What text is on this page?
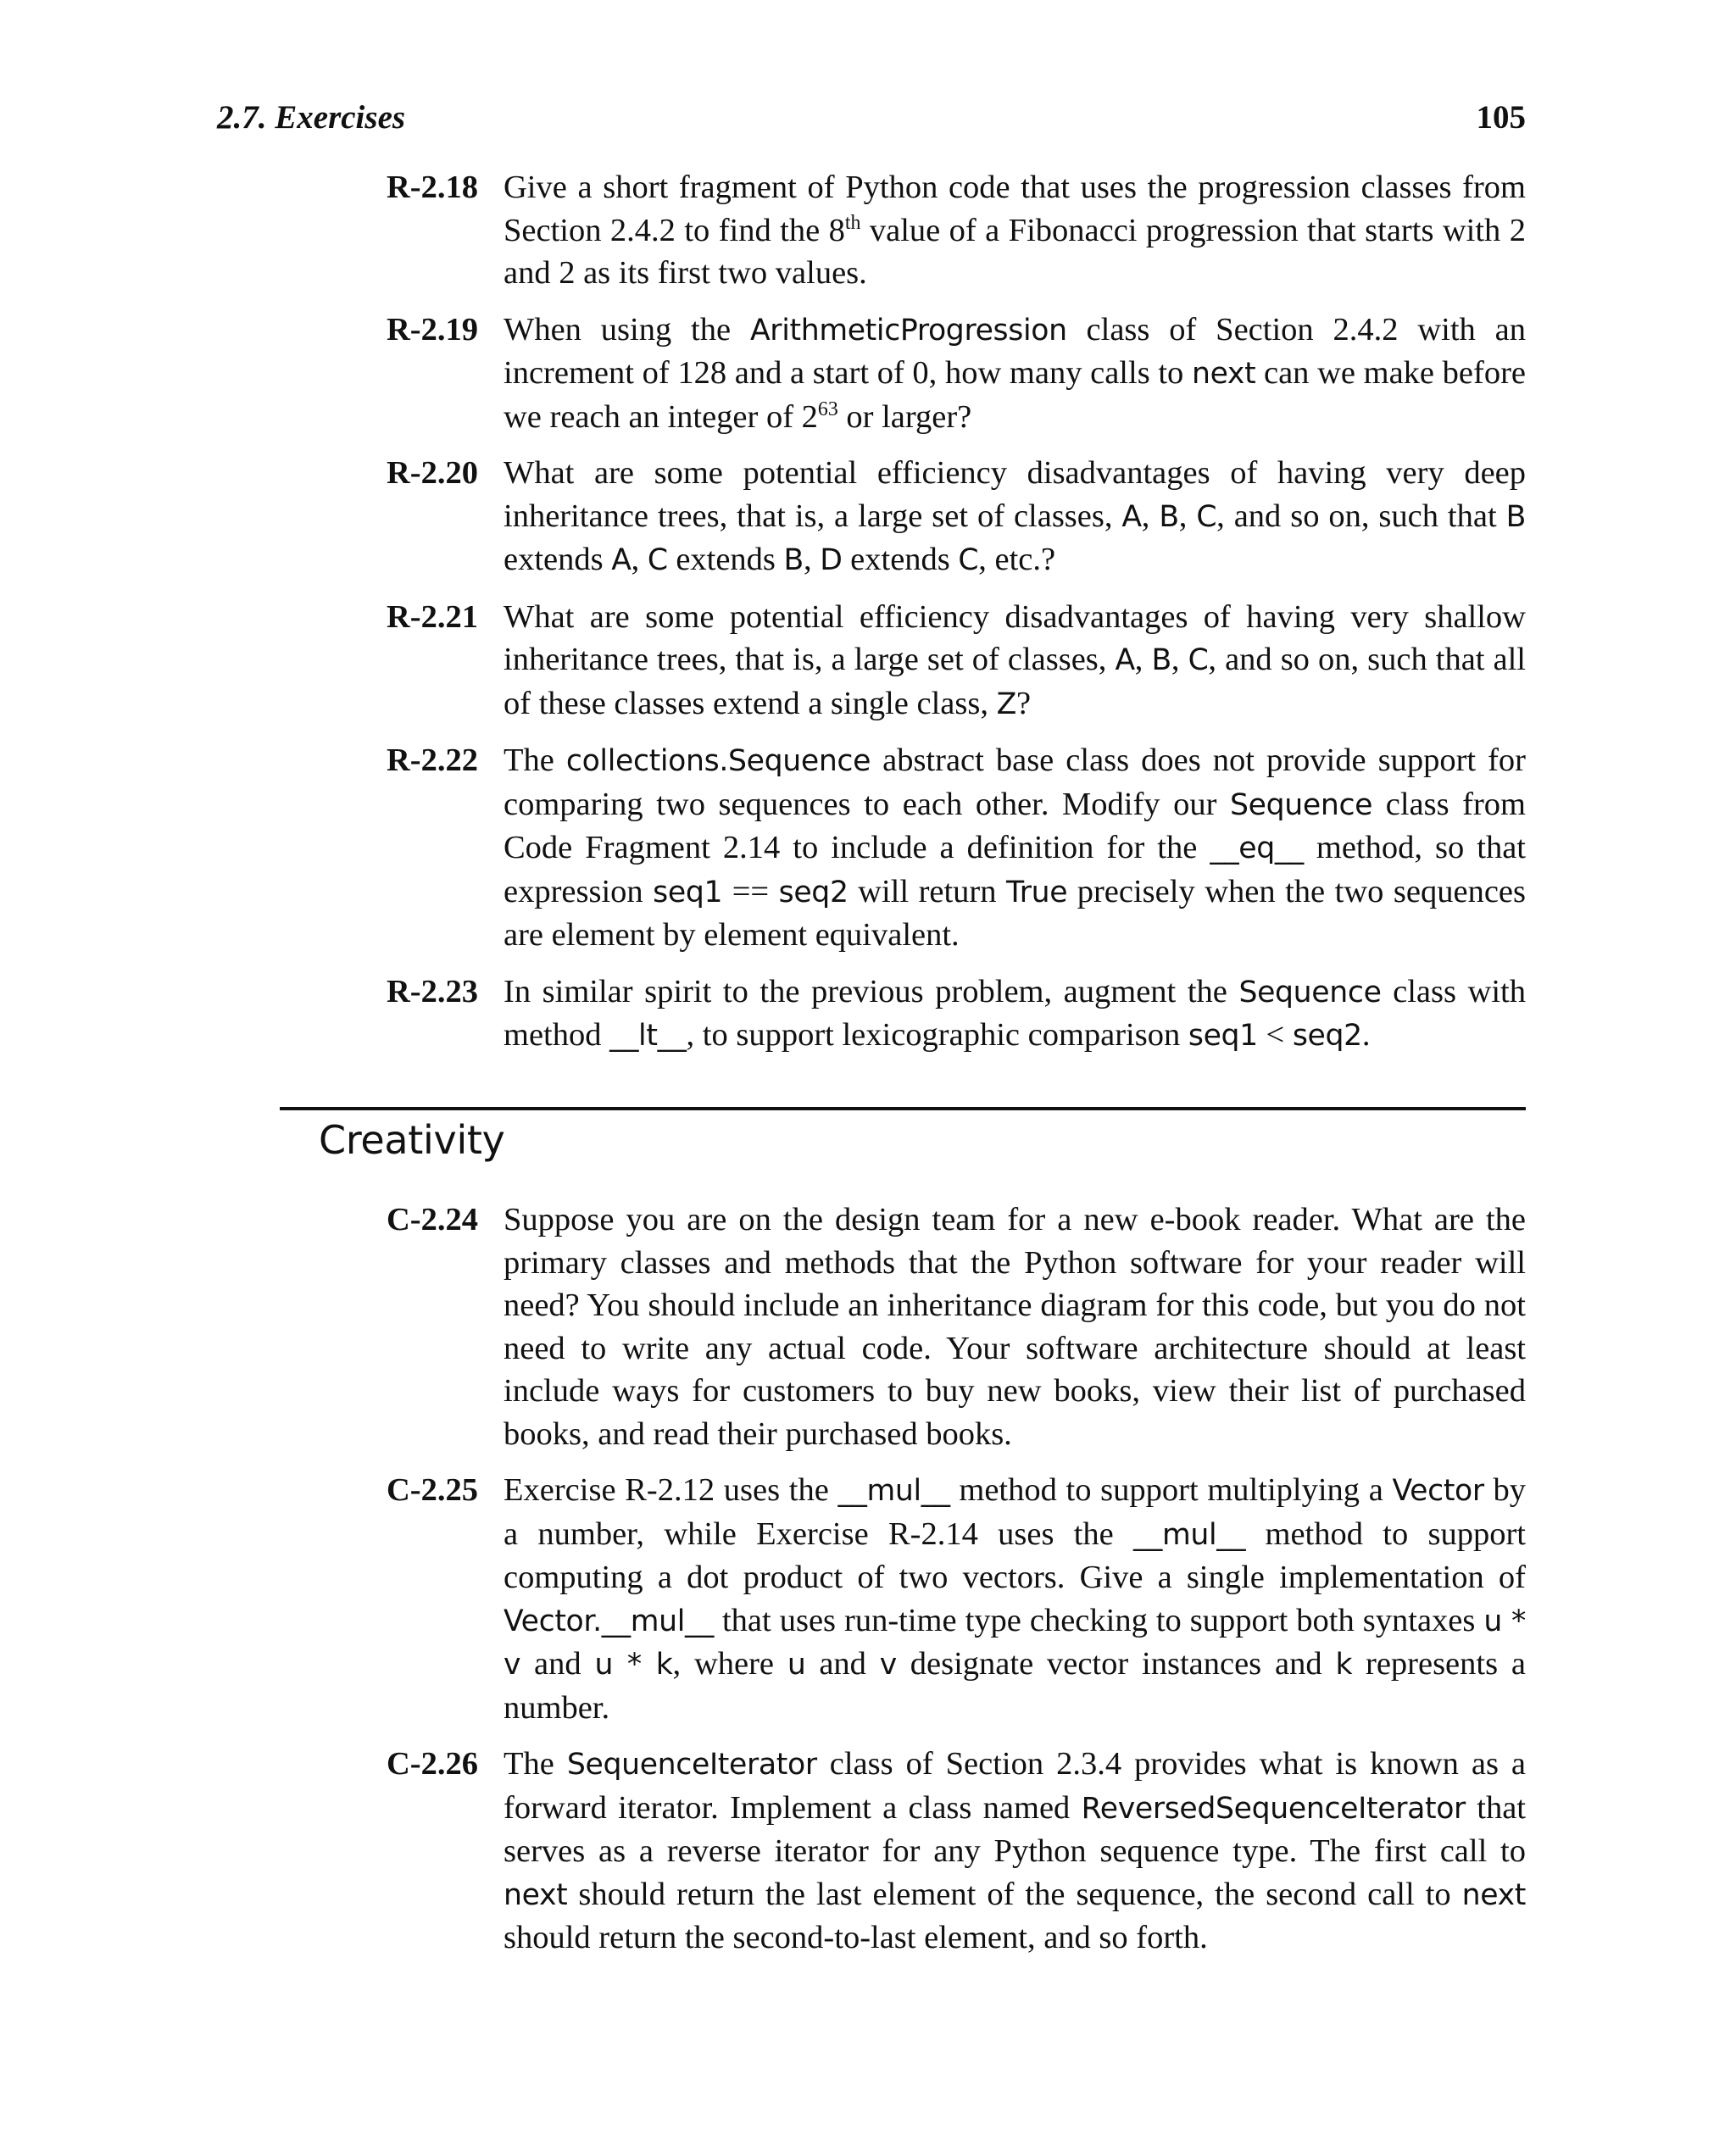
2.7. Exercises	105
R-2.18 Give a short fragment of Python code that uses the progression classes from Section 2.4.2 to find the 8th value of a Fibonacci progression that starts with 2 and 2 as its first two values.
R-2.19 When using the ArithmeticProgression class of Section 2.4.2 with an increment of 128 and a start of 0, how many calls to next can we make before we reach an integer of $2^{63}$ or larger?
R-2.20 What are some potential efficiency disadvantages of having very deep inheritance trees, that is, a large set of classes, A, B, C, and so on, such that B extends A, C extends B, D extends C, etc.?
R-2.21 What are some potential efficiency disadvantages of having very shallow inheritance trees, that is, a large set of classes, A, B, C, and so on, such that all of these classes extend a single class, Z?
R-2.22 The collections.Sequence abstract base class does not provide support for comparing two sequences to each other. Modify our Sequence class from Code Fragment 2.14 to include a definition for the __eq__ method, so that expression seq1 == seq2 will return True precisely when the two sequences are element by element equivalent.
R-2.23 In similar spirit to the previous problem, augment the Sequence class with method __lt__, to support lexicographic comparison seq1 < seq2.
Creativity
C-2.24 Suppose you are on the design team for a new e-book reader. What are the primary classes and methods that the Python software for your reader will need? You should include an inheritance diagram for this code, but you do not need to write any actual code. Your software architecture should at least include ways for customers to buy new books, view their list of purchased books, and read their purchased books.
C-2.25 Exercise R-2.12 uses the __mul__ method to support multiplying a Vector by a number, while Exercise R-2.14 uses the __mul__ method to support computing a dot product of two vectors. Give a single implementation of Vector.__mul__ that uses run-time type checking to support both syntaxes u * v and u * k, where u and v designate vector instances and k represents a number.
C-2.26 The SequenceIterator class of Section 2.3.4 provides what is known as a forward iterator. Implement a class named ReversedSequenceIterator that serves as a reverse iterator for any Python sequence type. The first call to next should return the last element of the sequence, the second call to next should return the second-to-last element, and so forth.
